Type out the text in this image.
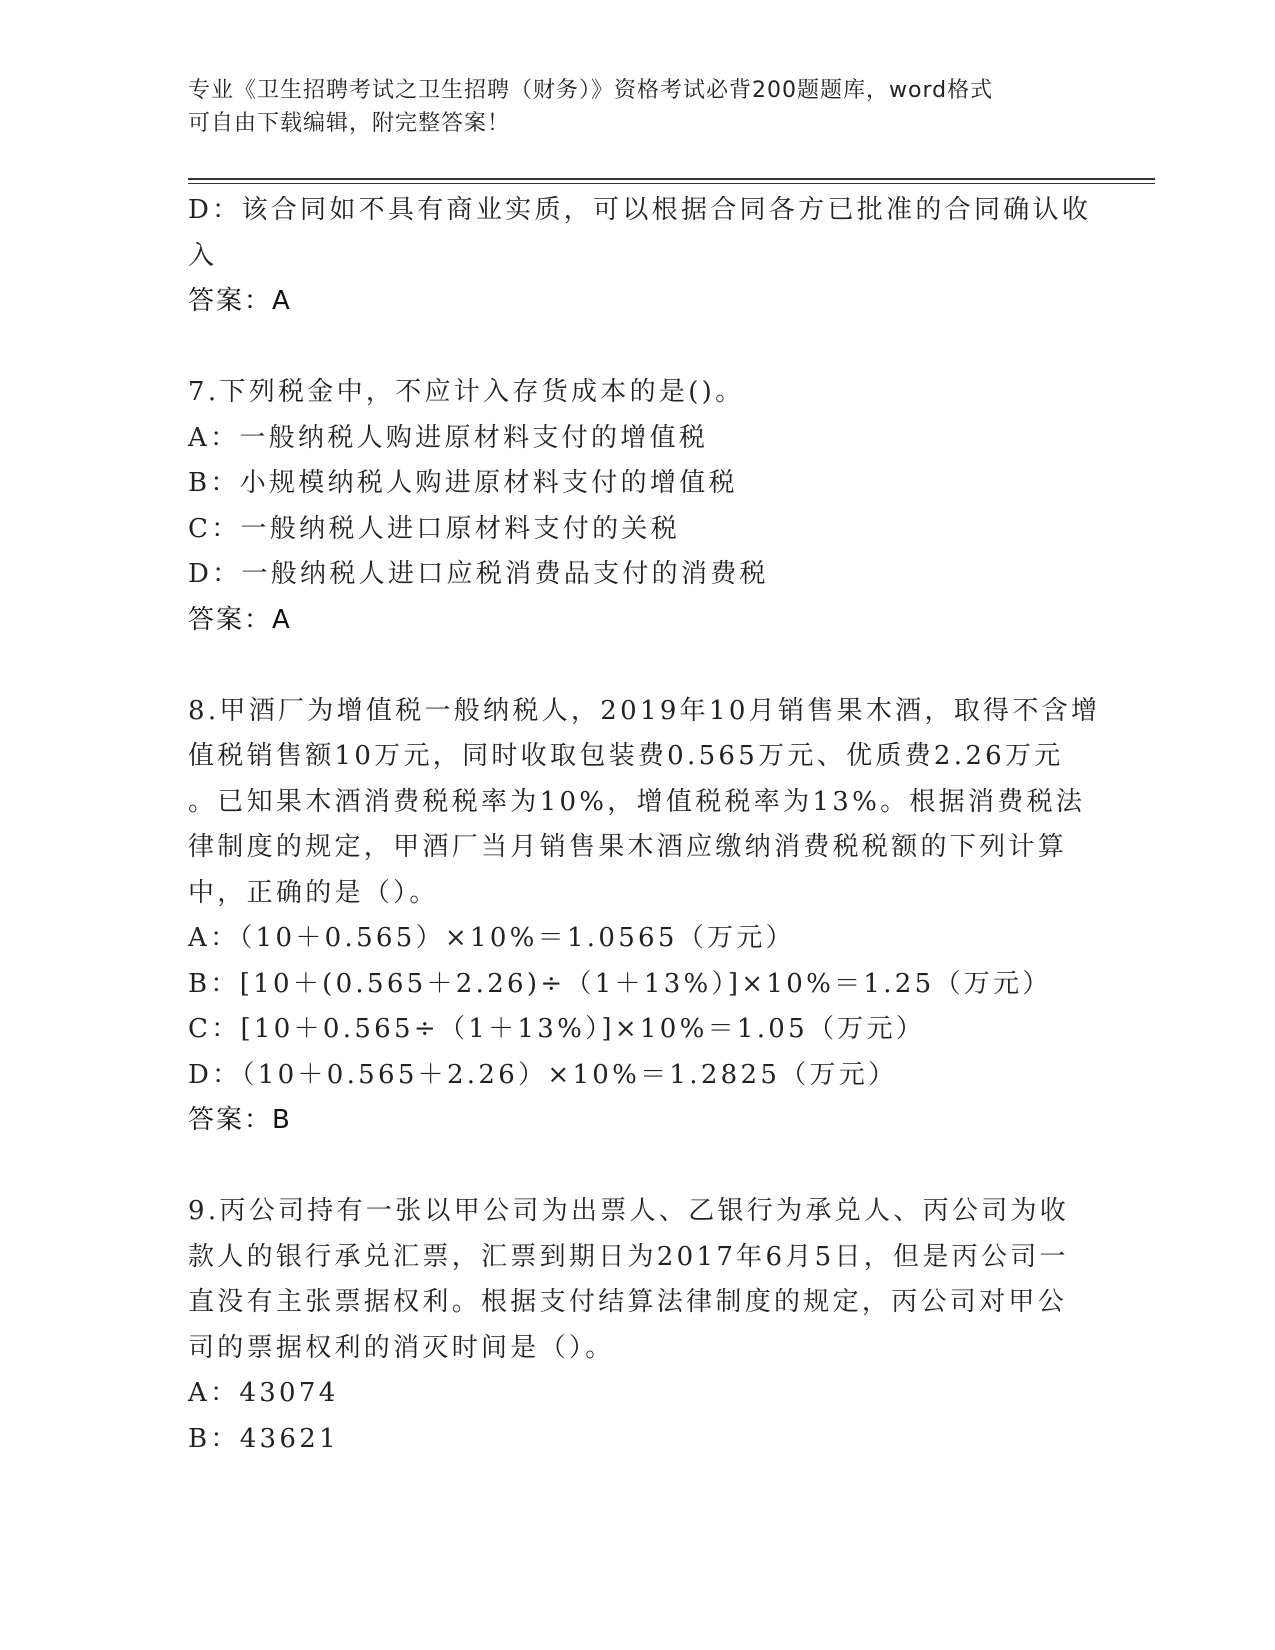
专业《卫生招聘考试之卫生招聘（财务）》资格考试必背200题题库，word格式
可自由下载编辑，附完整答案！
D：该合同如不具有商业实质，可以根据合同各方已批准的合同确认收
入
答案：A
7.下列税金中，不应计入存货成本的是()。
A：一般纳税人购进原材料支付的增值税
B：小规模纳税人购进原材料支付的增值税
C：一般纳税人进口原材料支付的关税
D：一般纳税人进口应税消费品支付的消费税
答案：A
8.甲酒厂为增值税一般纳税人，2019年10月销售果木酒，取得不含增
值税销售额10万元，同时收取包装费0.565万元、优质费2.26万元
。已知果木酒消费税税率为10%，增值税税率为13%。根据消费税法
律制度的规定，甲酒厂当月销售果木酒应缴纳消费税税额的下列计算
中，正确的是（）。
A：（10＋0.565）×10%＝1.0565（万元）
B：[10＋(0.565＋2.26)÷（1＋13%）]×10%＝1.25（万元）
C：[10＋0.565÷（1＋13%）]×10%＝1.05（万元）
D：（10＋0.565＋2.26）×10%＝1.2825（万元）
答案：B
9.丙公司持有一张以甲公司为出票人、乙银行为承兑人、丙公司为收
款人的银行承兑汇票，汇票到期日为2017年6月5日，但是丙公司一
直没有主张票据权利。根据支付结算法律制度的规定，丙公司对甲公
司的票据权利的消灭时间是（）。
A：43074
B：43621
